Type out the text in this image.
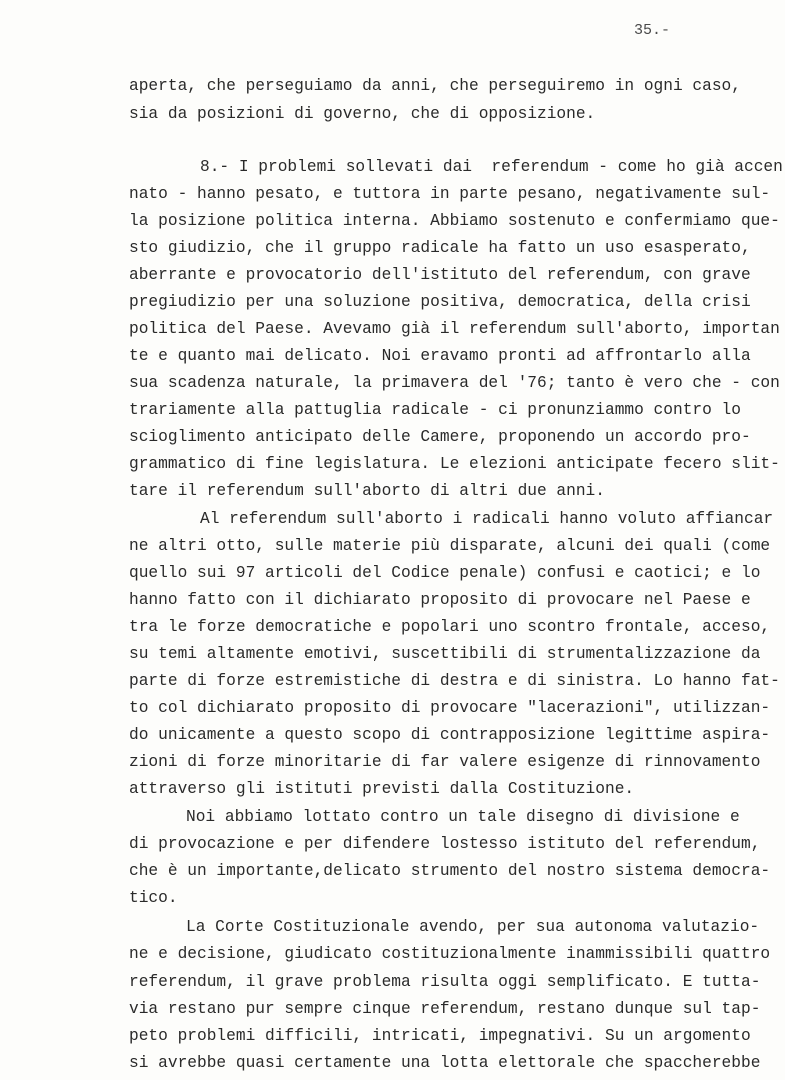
35.-
aperta, che perseguiamo da anni, che perseguiremo in ogni caso,
sia da posizioni di governo, che di opposizione.
8.- I problemi sollevati dai  referendum - come ho già accen
nato - hanno pesato, e tuttora in parte pesano, negativamente sul-
la posizione politica interna. Abbiamo sostenuto e confermiamo que-
sto giudizio, che il gruppo radicale ha fatto un uso esasperato,
aberrante e provocatorio dell'istituto del referendum, con grave
pregiudizio per una soluzione positiva, democratica, della crisi
politica del Paese. Avevamo già il referendum sull'aborto, importan
te e quanto mai delicato. Noi eravamo pronti ad affrontarlo alla
sua scadenza naturale, la primavera del '76; tanto è vero che - con
trariamente alla pattuglia radicale - ci pronunziammo contro lo
scioglimento anticipato delle Camere, proponendo un accordo pro-
grammatico di fine legislatura. Le elezioni anticipate fecero slit-
tare il referendum sull'aborto di altri due anni.
Al referendum sull'aborto i radicali hanno voluto affiancar
ne altri otto, sulle materie più disparate, alcuni dei quali (come
quello sui 97 articoli del Codice penale) confusi e caotici; e lo
hanno fatto con il dichiarato proposito di provocare nel Paese e
tra le forze democratiche e popolari uno scontro frontale, acceso,
su temi altamente emotivi, suscettibili di strumentalizzazione da
parte di forze estremistiche di destra e di sinistra. Lo hanno fat-
to col dichiarato proposito di provocare "lacerazioni", utilizzan-
do unicamente a questo scopo di contrapposizione legittime aspira-
zioni di forze minoritarie di far valere esigenze di rinnovamento
attraverso gli istituti previsti dalla Costituzione.
Noi abbiamo lottato contro un tale disegno di divisione e
di provocazione e per difendere lostesso istituto del referendum,
che è un importante,delicato strumento del nostro sistema democra-
tico.
La Corte Costituzionale avendo, per sua autonoma valutazio-
ne e decisione, giudicato costituzionalmente inammissibili quattro
referendum, il grave problema risulta oggi semplificato. E tutta-
via restano pur sempre cinque referendum, restano dunque sul tap-
peto problemi difficili, intricati, impegnativi. Su un argomento
si avrebbe quasi certamente una lotta elettorale che spaccherebbe
